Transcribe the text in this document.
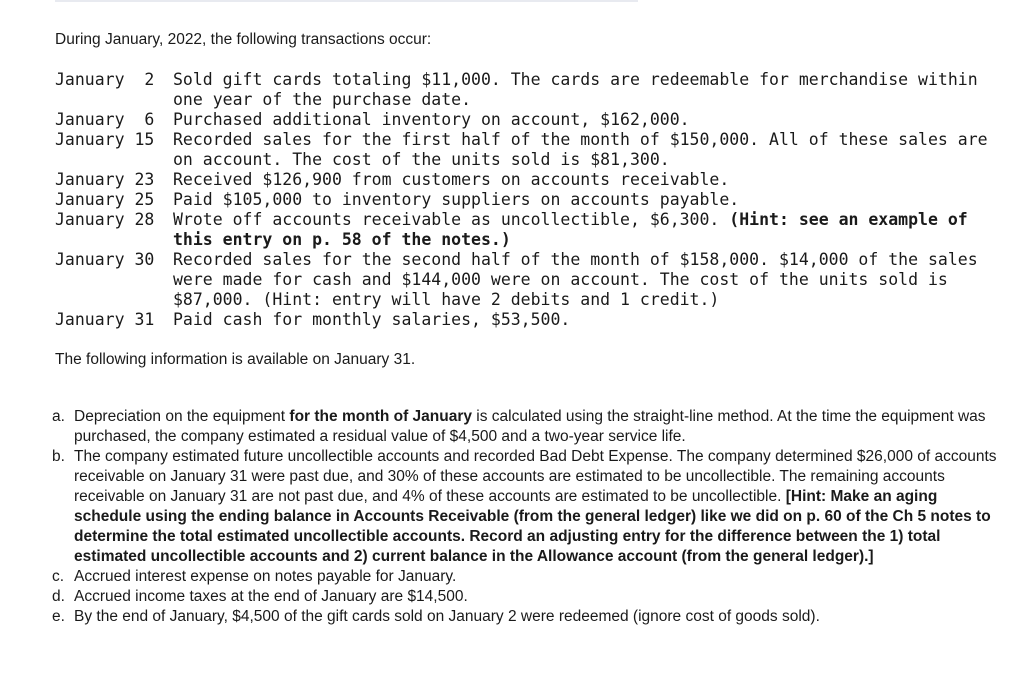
During January, 2022, the following transactions occur:
January  2	Sold gift cards totaling $11,000. The cards are redeemable for merchandise within one year of the purchase date.
January  6	Purchased additional inventory on account, $162,000.
January 15	Recorded sales for the first half of the month of $150,000. All of these sales are on account. The cost of the units sold is $81,300.
January 23	Received $126,900 from customers on accounts receivable.
January 25	Paid $105,000 to inventory suppliers on accounts payable.
January 28	Wrote off accounts receivable as uncollectible, $6,300. (Hint: see an example of this entry on p. 58 of the notes.)
January 30	Recorded sales for the second half of the month of $158,000. $14,000 of the sales were made for cash and $144,000 were on account. The cost of the units sold is $87,000. (Hint: entry will have 2 debits and 1 credit.)
January 31	Paid cash for monthly salaries, $53,500.
The following information is available on January 31.
a. Depreciation on the equipment for the month of January is calculated using the straight-line method. At the time the equipment was purchased, the company estimated a residual value of $4,500 and a two-year service life.
b. The company estimated future uncollectible accounts and recorded Bad Debt Expense. The company determined $26,000 of accounts receivable on January 31 were past due, and 30% of these accounts are estimated to be uncollectible. The remaining accounts receivable on January 31 are not past due, and 4% of these accounts are estimated to be uncollectible. [Hint: Make an aging schedule using the ending balance in Accounts Receivable (from the general ledger) like we did on p. 60 of the Ch 5 notes to determine the total estimated uncollectible accounts. Record an adjusting entry for the difference between the 1) total estimated uncollectible accounts and 2) current balance in the Allowance account (from the general ledger).]
c. Accrued interest expense on notes payable for January.
d. Accrued income taxes at the end of January are $14,500.
e. By the end of January, $4,500 of the gift cards sold on January 2 were redeemed (ignore cost of goods sold).
